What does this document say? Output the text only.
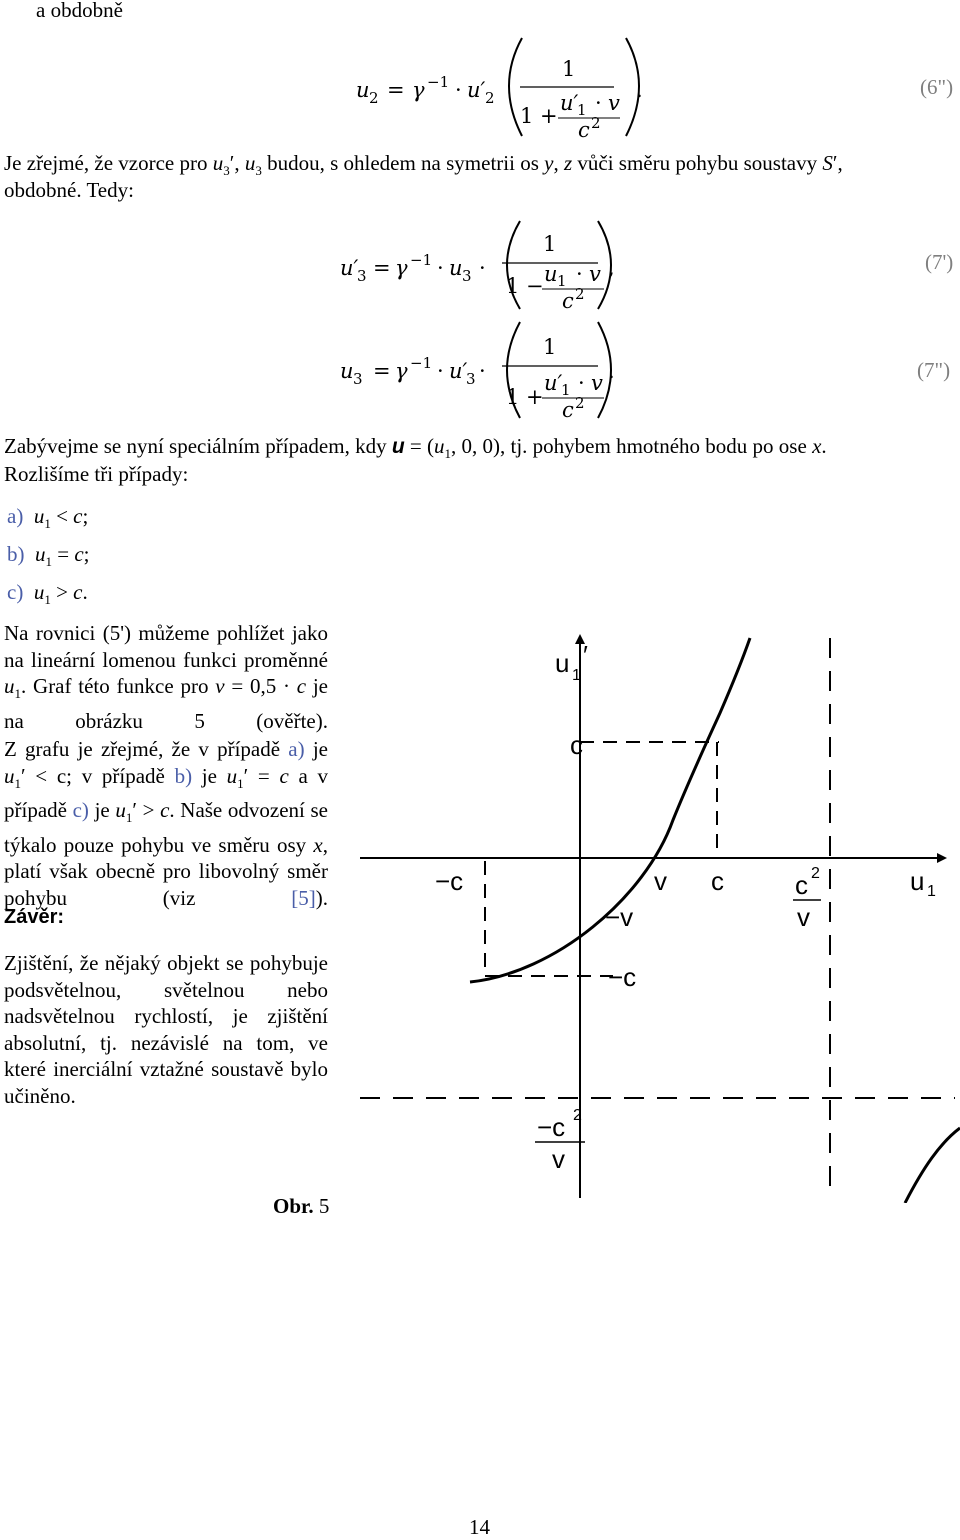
a obdobně
u 2 = γ −1 · u′ 2
1
1 +
u′
1 · v
c 2
.	(6")
Je zřejmé, že vzorce pro $u_3'$, $u_3$ budou, s ohledem na symetrii os y, z vůči směru pohybu soustavy S′,
obdobné. Tedy:
u′
3 = γ −1 · u 3 ·
1
1 − u 1 · v
c 2
,	(7')
u 3 = γ −1 · u′
3 ·
1
1 +
u′
1 · v
c 2
.	(7")
Zabývejme se nyní speciálním případem, kdy $u = (u_1$, 0, 0), tj. pohybem hmotného bodu po ose x.
Rozlišíme tři případy:
a) $u_1 < c$;
b) $u_1 = c$;
c) $u_1 > c$.
Na rovnici (5') můžeme pohlížet jako na lineární lomenou funkci proměnné $u_1$. Graf této funkce pro v = 0,5 · c je na obrázku 5 (ověřte).
Z grafu je zřejmé, že v případě a) je $u_1' < c$; v případě b) je $u_1' = c$ a v případě c) je $u_1' > c$. Naše odvození se týkalo pouze pohybu ve směru osy x, platí však obecně pro libovolný směr pohybu (viz [5]).
Závěr:
Zjištění, že nějaký objekt se pohybuje podsvětelnou, světelnou nebo nadsvětelnou rychlostí, je zjištění absolutní, tj. nezávislé na tom, ve které inerciální vztažné soustavě bylo učiněno.
u 1
′
c
−c	v c	c 2
v
u 1
−v
−c
−c 2
v
Obr. 5
14
